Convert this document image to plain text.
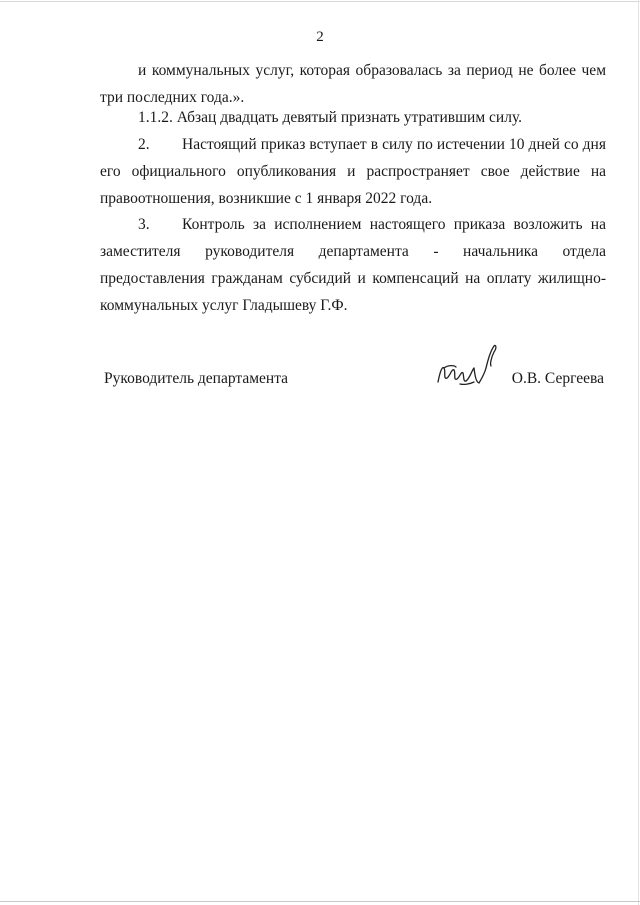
2

и коммунальных услуг, которая образовалась за период не более чем три последних года.».

1.1.2. Абзац двадцать девятый признать утратившим силу.

2. Настоящий приказ вступает в силу по истечении 10 дней со дня его официального опубликования и распространяет свое действие на правоотношения, возникшие с 1 января 2022 года.

3. Контроль за исполнением настоящего приказа возложить на заместителя руководителя департамента - начальника отдела предоставления гражданам субсидий и компенсаций на оплату жилищно-коммунальных услуг Гладышеву Г.Ф.

Руководитель департамента	О.В. Сергеева
